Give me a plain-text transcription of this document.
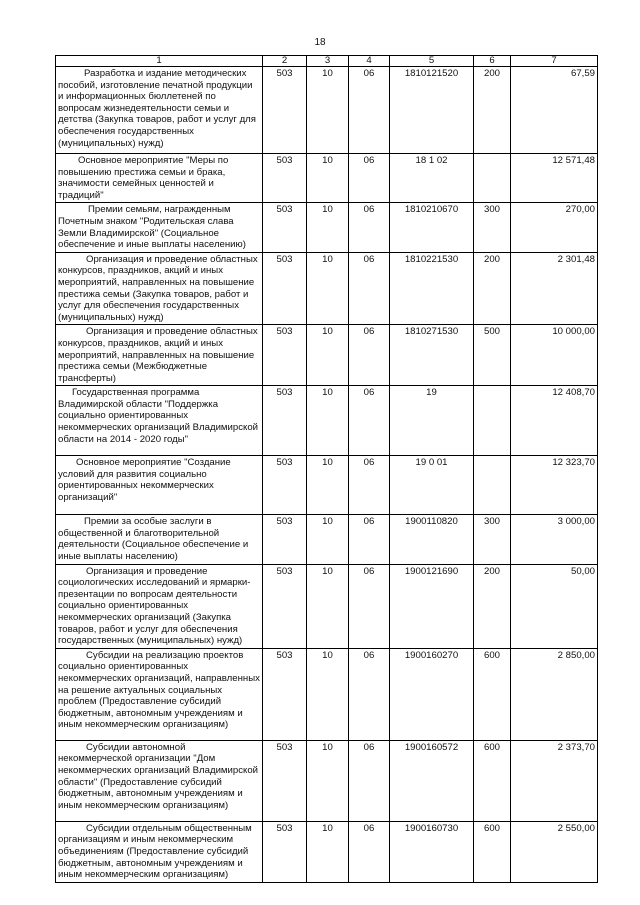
18
1	2	3	4	5	6	7
Разработка и издание методических пособий, изготовление печатной продукции и информационных бюллетеней по вопросам жизнедеятельности семьи и детства (Закупка товаров, работ и услуг для обеспечения государственных (муниципальных) нужд)	503	10	06	1810121520	200	67,59
Основное мероприятие "Меры по повышению престижа семьи и брака, значимости семейных ценностей и традиций"	503	10	06	18 1 02		12 571,48
Премии семьям, награжденным Почетным знаком "Родительская слава Земли Владимирской" (Социальное обеспечение и иные выплаты населению)	503	10	06	1810210670	300	270,00
Организация и проведение областных конкурсов, праздников, акций и иных мероприятий, направленных на повышение престижа семьи (Закупка товаров, работ и услуг для обеспечения государственных (муниципальных) нужд)	503	10	06	1810221530	200	2 301,48
Организация и проведение областных конкурсов, праздников, акций и иных мероприятий, направленных на повышение престижа семьи (Межбюджетные трансферты)	503	10	06	1810271530	500	10 000,00
Государственная программа Владимирской области "Поддержка социально ориентированных некоммерческих организаций Владимирской области на 2014 - 2020 годы"	503	10	06	19		12 408,70
Основное мероприятие "Создание условий для развития социально ориентированных некоммерческих организаций"	503	10	06	19 0 01		12 323,70
Премии за особые заслуги в общественной и благотворительной деятельности (Социальное обеспечение и иные выплаты населению)	503	10	06	1900110820	300	3 000,00
Организация и проведение социологических исследований и ярмарки-презентации по вопросам деятельности социально ориентированных некоммерческих организаций (Закупка товаров, работ и услуг для обеспечения государственных (муниципальных) нужд)	503	10	06	1900121690	200	50,00
Субсидии на реализацию проектов социально ориентированных некоммерческих организаций, направленных на решение актуальных социальных проблем (Предоставление субсидий бюджетным, автономным учреждениям и иным некоммерческим организациям)	503	10	06	1900160270	600	2 850,00
Субсидии автономной некоммерческой организации "Дом некоммерческих организаций Владимирской области" (Предоставление субсидий бюджетным, автономным учреждениям и иным некоммерческим организациям)	503	10	06	1900160572	600	2 373,70
Субсидии отдельным общественным организациям и иным некоммерческим объединениям (Предоставление субсидий бюджетным, автономным учреждениям и иным некоммерческим организациям)	503	10	06	1900160730	600	2 550,00
